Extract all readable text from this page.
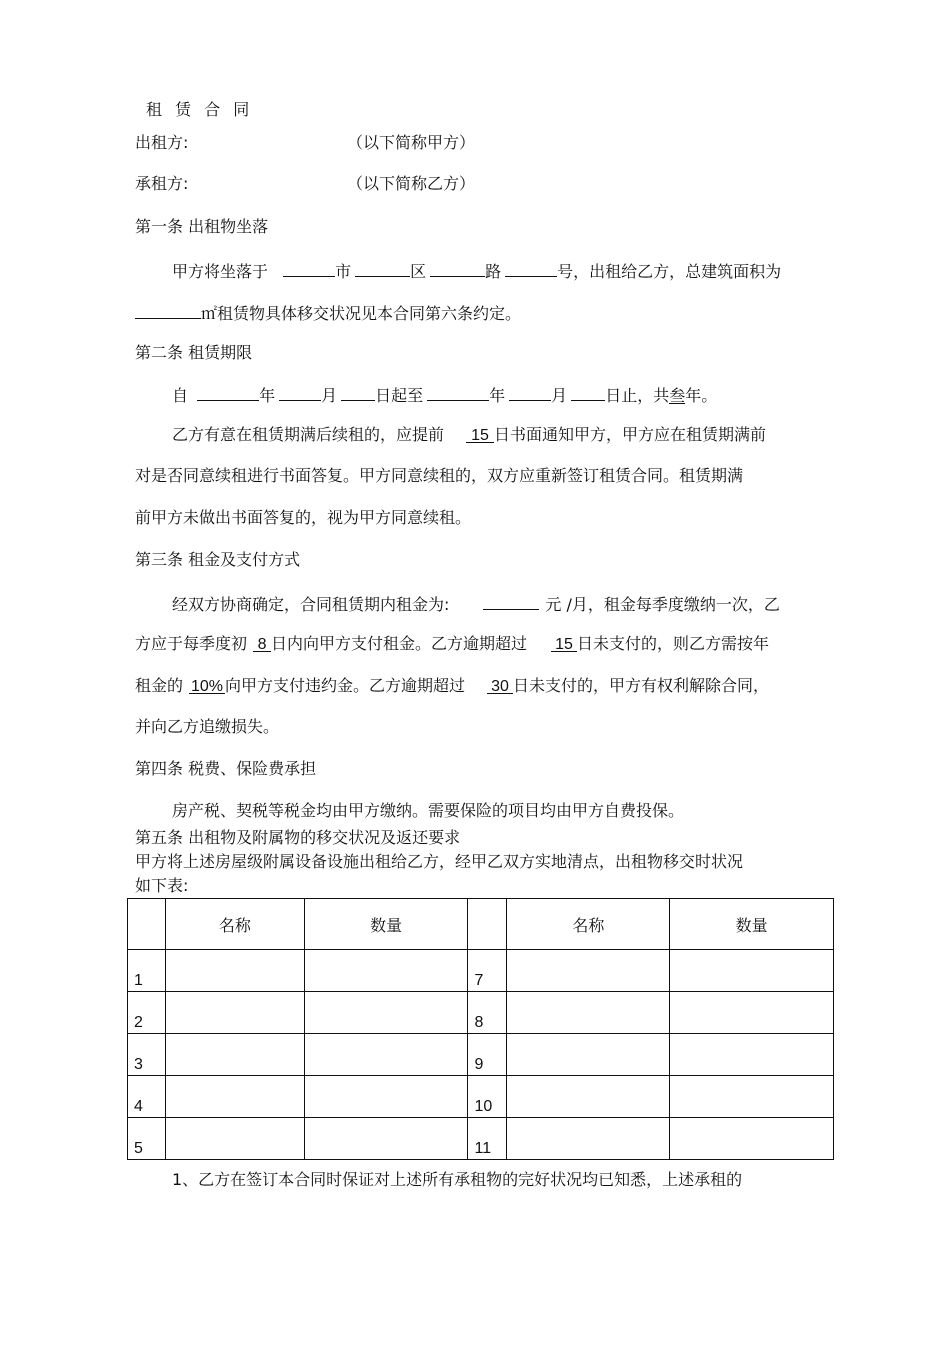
租 赁 合 同
出租方:	（以下简称甲方）
承租方:	（以下简称乙方）
第一条 出租物坐落
甲方将坐落于	市	区	路	号，出租给乙方，总建筑面积为
㎡租赁物具体移交状况见本合同第六条约定。
第二条 租赁期限
自	年	月 日起至	年	月 日止，共叁年。
乙方有意在租赁期满后续租的，应提前 15 日书面通知甲方，甲方应在租赁期满前
对是否同意续租进行书面答复。甲方同意续租的，双方应重新签订租赁合同。租赁期满
前甲方未做出书面答复的，视为甲方同意续租。
第三条 租金及支付方式
经双方协商确定，合同租赁期内租金为:	元 /月，租金每季度缴纳一次，乙
方应于每季度初 8 日内向甲方支付租金。乙方逾期超过 15 日未支付的，则乙方需按年
租金的 10% 向甲方支付违约金。乙方逾期超过 30 日未支付的，甲方有权利解除合同，
并向乙方追缴损失。
第四条 税费、保险费承担
房产税、契税等税金均由甲方缴纳。需要保险的项目均由甲方自费投保。
第五条 出租物及附属物的移交状况及返还要求
甲方将上述房屋级附属设备设施出租给乙方，经甲乙双方实地清点，出租物移交时状况
如下表:
	名称	数量		名称	数量
1			7		
2			8		
3			9		
4			10		
5			11		
1、乙方在签订本合同时保证对上述所有承租物的完好状况均已知悉，上述承租的
